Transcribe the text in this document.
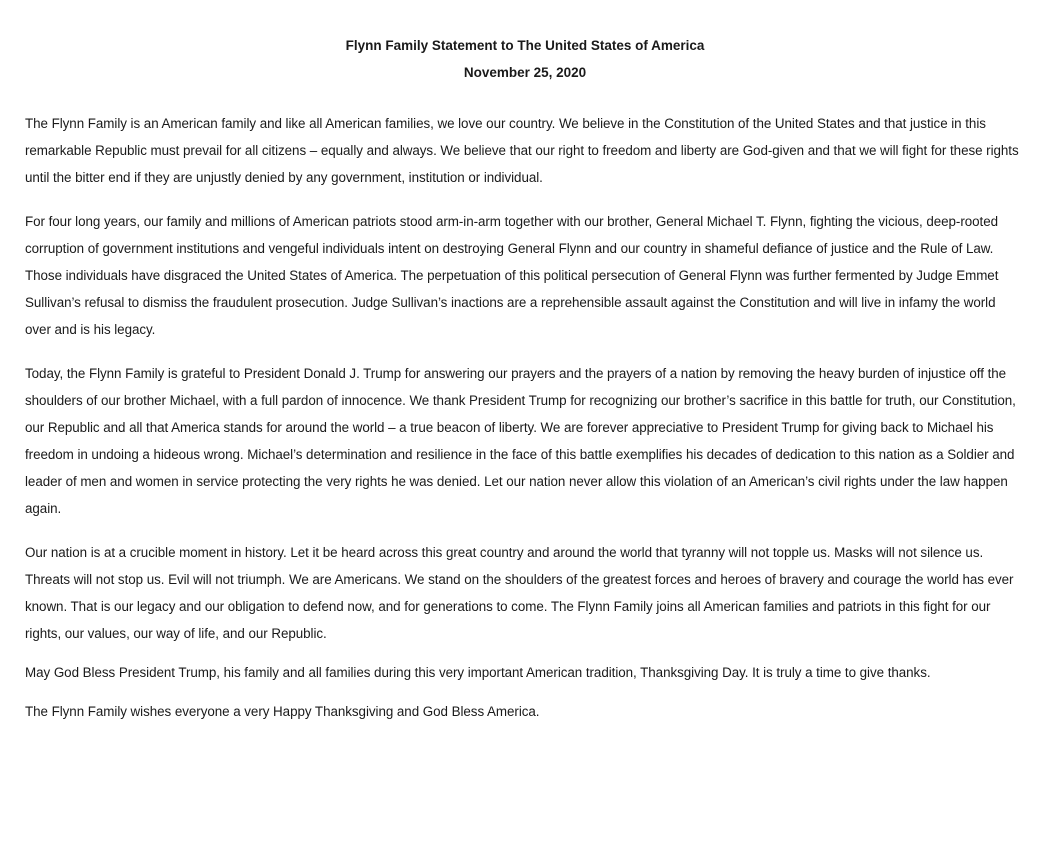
Flynn Family Statement to The United States of America
November 25, 2020

The Flynn Family is an American family and like all American families, we love our country. We believe in the Constitution of the United States and that justice in this remarkable Republic must prevail for all citizens – equally and always. We believe that our right to freedom and liberty are God-given and that we will fight for these rights until the bitter end if they are unjustly denied by any government, institution or individual.

For four long years, our family and millions of American patriots stood arm-in-arm together with our brother, General Michael T. Flynn, fighting the vicious, deep-rooted corruption of government institutions and vengeful individuals intent on destroying General Flynn and our country in shameful defiance of justice and the Rule of Law. Those individuals have disgraced the United States of America. The perpetuation of this political persecution of General Flynn was further fermented by Judge Emmet Sullivan’s refusal to dismiss the fraudulent prosecution. Judge Sullivan’s inactions are a reprehensible assault against the Constitution and will live in infamy the world over and is his legacy.

Today, the Flynn Family is grateful to President Donald J. Trump for answering our prayers and the prayers of a nation by removing the heavy burden of injustice off the shoulders of our brother Michael, with a full pardon of innocence. We thank President Trump for recognizing our brother’s sacrifice in this battle for truth, our Constitution, our Republic and all that America stands for around the world – a true beacon of liberty. We are forever appreciative to President Trump for giving back to Michael his freedom in undoing a hideous wrong. Michael’s determination and resilience in the face of this battle exemplifies his decades of dedication to this nation as a Soldier and leader of men and women in service protecting the very rights he was denied. Let our nation never allow this violation of an American’s civil rights under the law happen again.

Our nation is at a crucible moment in history. Let it be heard across this great country and around the world that tyranny will not topple us. Masks will not silence us. Threats will not stop us. Evil will not triumph. We are Americans. We stand on the shoulders of the greatest forces and heroes of bravery and courage the world has ever known. That is our legacy and our obligation to defend now, and for generations to come. The Flynn Family joins all American families and patriots in this fight for our rights, our values, our way of life, and our Republic.

May God Bless President Trump, his family and all families during this very important American tradition, Thanksgiving Day. It is truly a time to give thanks.

The Flynn Family wishes everyone a very Happy Thanksgiving and God Bless America.
